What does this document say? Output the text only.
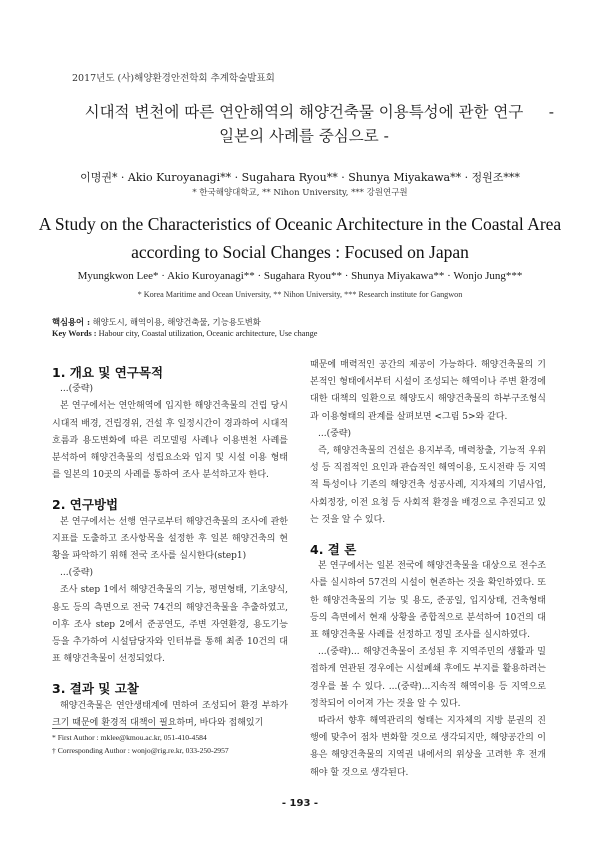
2017년도 (사)해양환경안전학회 추계학술발표회
시대적 변천에 따른 연안해역의 해양건축물 이용특성에 관한 연구	-
일본의 사례를 중심으로 -
이명권* · Akio Kuroyanagi** · Sugahara Ryou** · Shunya Miyakawa** · 정원조***
* 한국해양대학교, ** Nihon University, *** 강원연구원
A Study on the Characteristics of Oceanic Architecture in the Coastal Area
according to Social Changes : Focused on Japan
Myungkwon Lee* · Akio Kuroyanagi** · Sugahara Ryou** · Shunya Miyakawa** · Wonjo Jung***
* Korea Maritime and Ocean University, ** Nihon University, *** Research institute for Gangwon
핵심용어 : 해양도시, 해역이용, 해양건축물, 기능용도변화
Key Words : Habour city, Coastal utilization, Oceanic architecture, Use change
1. 개요 및 연구목적

...(중략)

본 연구에서는 연안해역에 입지한 해양건축물의 건립 당시 시대적 배경, 건립경위, 건설 후 일정시간이 경과하여 시대적 흐름과 용도변화에 따른 리모델링 사례나 이용변천 사례를 분석하여 해양건축물의 성립요소와 입지 및 시설 이용 형태를 일본의 10곳의 사례를 통하여 조사 분석하고자 한다.

2. 연구방법

본 연구에서는 선행 연구로부터 해양건축물의 조사에 관한 지표를 도출하고 조사항목을 설정한 후 일본 해양건축의 현황을 파악하기 위해 전국 조사를 실시한다(step1)

...(중략)

조사 step 1에서 해양건축물의 기능, 평면형태, 기초양식, 용도 등의 측면으로 전국 74건의 해양건축물을 추출하였고, 이후 조사 step 2에서 준공연도, 주변 자연환경, 용도기능 등을 추가하여 시설담당자와 인터뷰를 통해 최종 10건의 대표 해양건축물이 선정되었다.

3. 결과 및 고찰

해양건축물은 연안생태계에 면하여 조성되어 환경 부하가 크기 때문에 환경적 대책이 필요하며, 바다와 접해있기

때문에 매력적인 공간의 제공이 가능하다. 해양건축물의 기본적인 형태에서부터 시설이 조성되는 해역이나 주변 환경에 대한 대책의 일환으로 해양도시 해양건축물의 하부구조형식과 이용형태의 관계를 살펴보면 <그림 5>와 같다.

...(중략)

즉, 해양건축물의 건설은 용지부족, 매력창출, 기능적 우위성 등 직접적인 요인과 관습적인 해역이용, 도시전략 등 지역적 특성이나 기존의 해양건축 성공사례, 지자체의 기념사업, 사회정장, 이전 요청 등 사회적 환경을 배경으로 추진되고 있는 것을 알 수 있다.

4. 결 론

본 연구에서는 일본 전국에 해양건축물을 대상으로 전수조사를 실시하여 57건의 시설이 현존하는 것을 확인하였다. 또한 해양건축물의 기능 및 용도, 준공일, 입지상태, 건축형태 등의 측면에서 현재 상황을 종합적으로 분석하여 10건의 대표 해양건축물 사례를 선정하고 정밀 조사를 실시하였다.

...(중략)... 해양건축물이 조성된 후 지역주민의 생활과 밀접하게 연관된 경우에는 시설폐쇄 후에도 부지를 활용하려는 경우를 볼 수 있다. ...(중략)...지속적 해역이용 등 지역으로 정착되어 이어져 가는 것을 알 수 있다.

따라서 향후 해역관리의 형태는 지자체의 지방 분권의 진행에 맞추어 점차 변화할 것으로 생각되지만, 해양공간의 이용은 해양건축물의 지역권 내에서의 위상을 고려한 후 전개해야 할 것으로 생각된다.

* First Author : mklee@kmou.ac.kr, 051-410-4584
† Corresponding Author : wonjo@rig.re.kr, 033-250-2957
- 193 -
